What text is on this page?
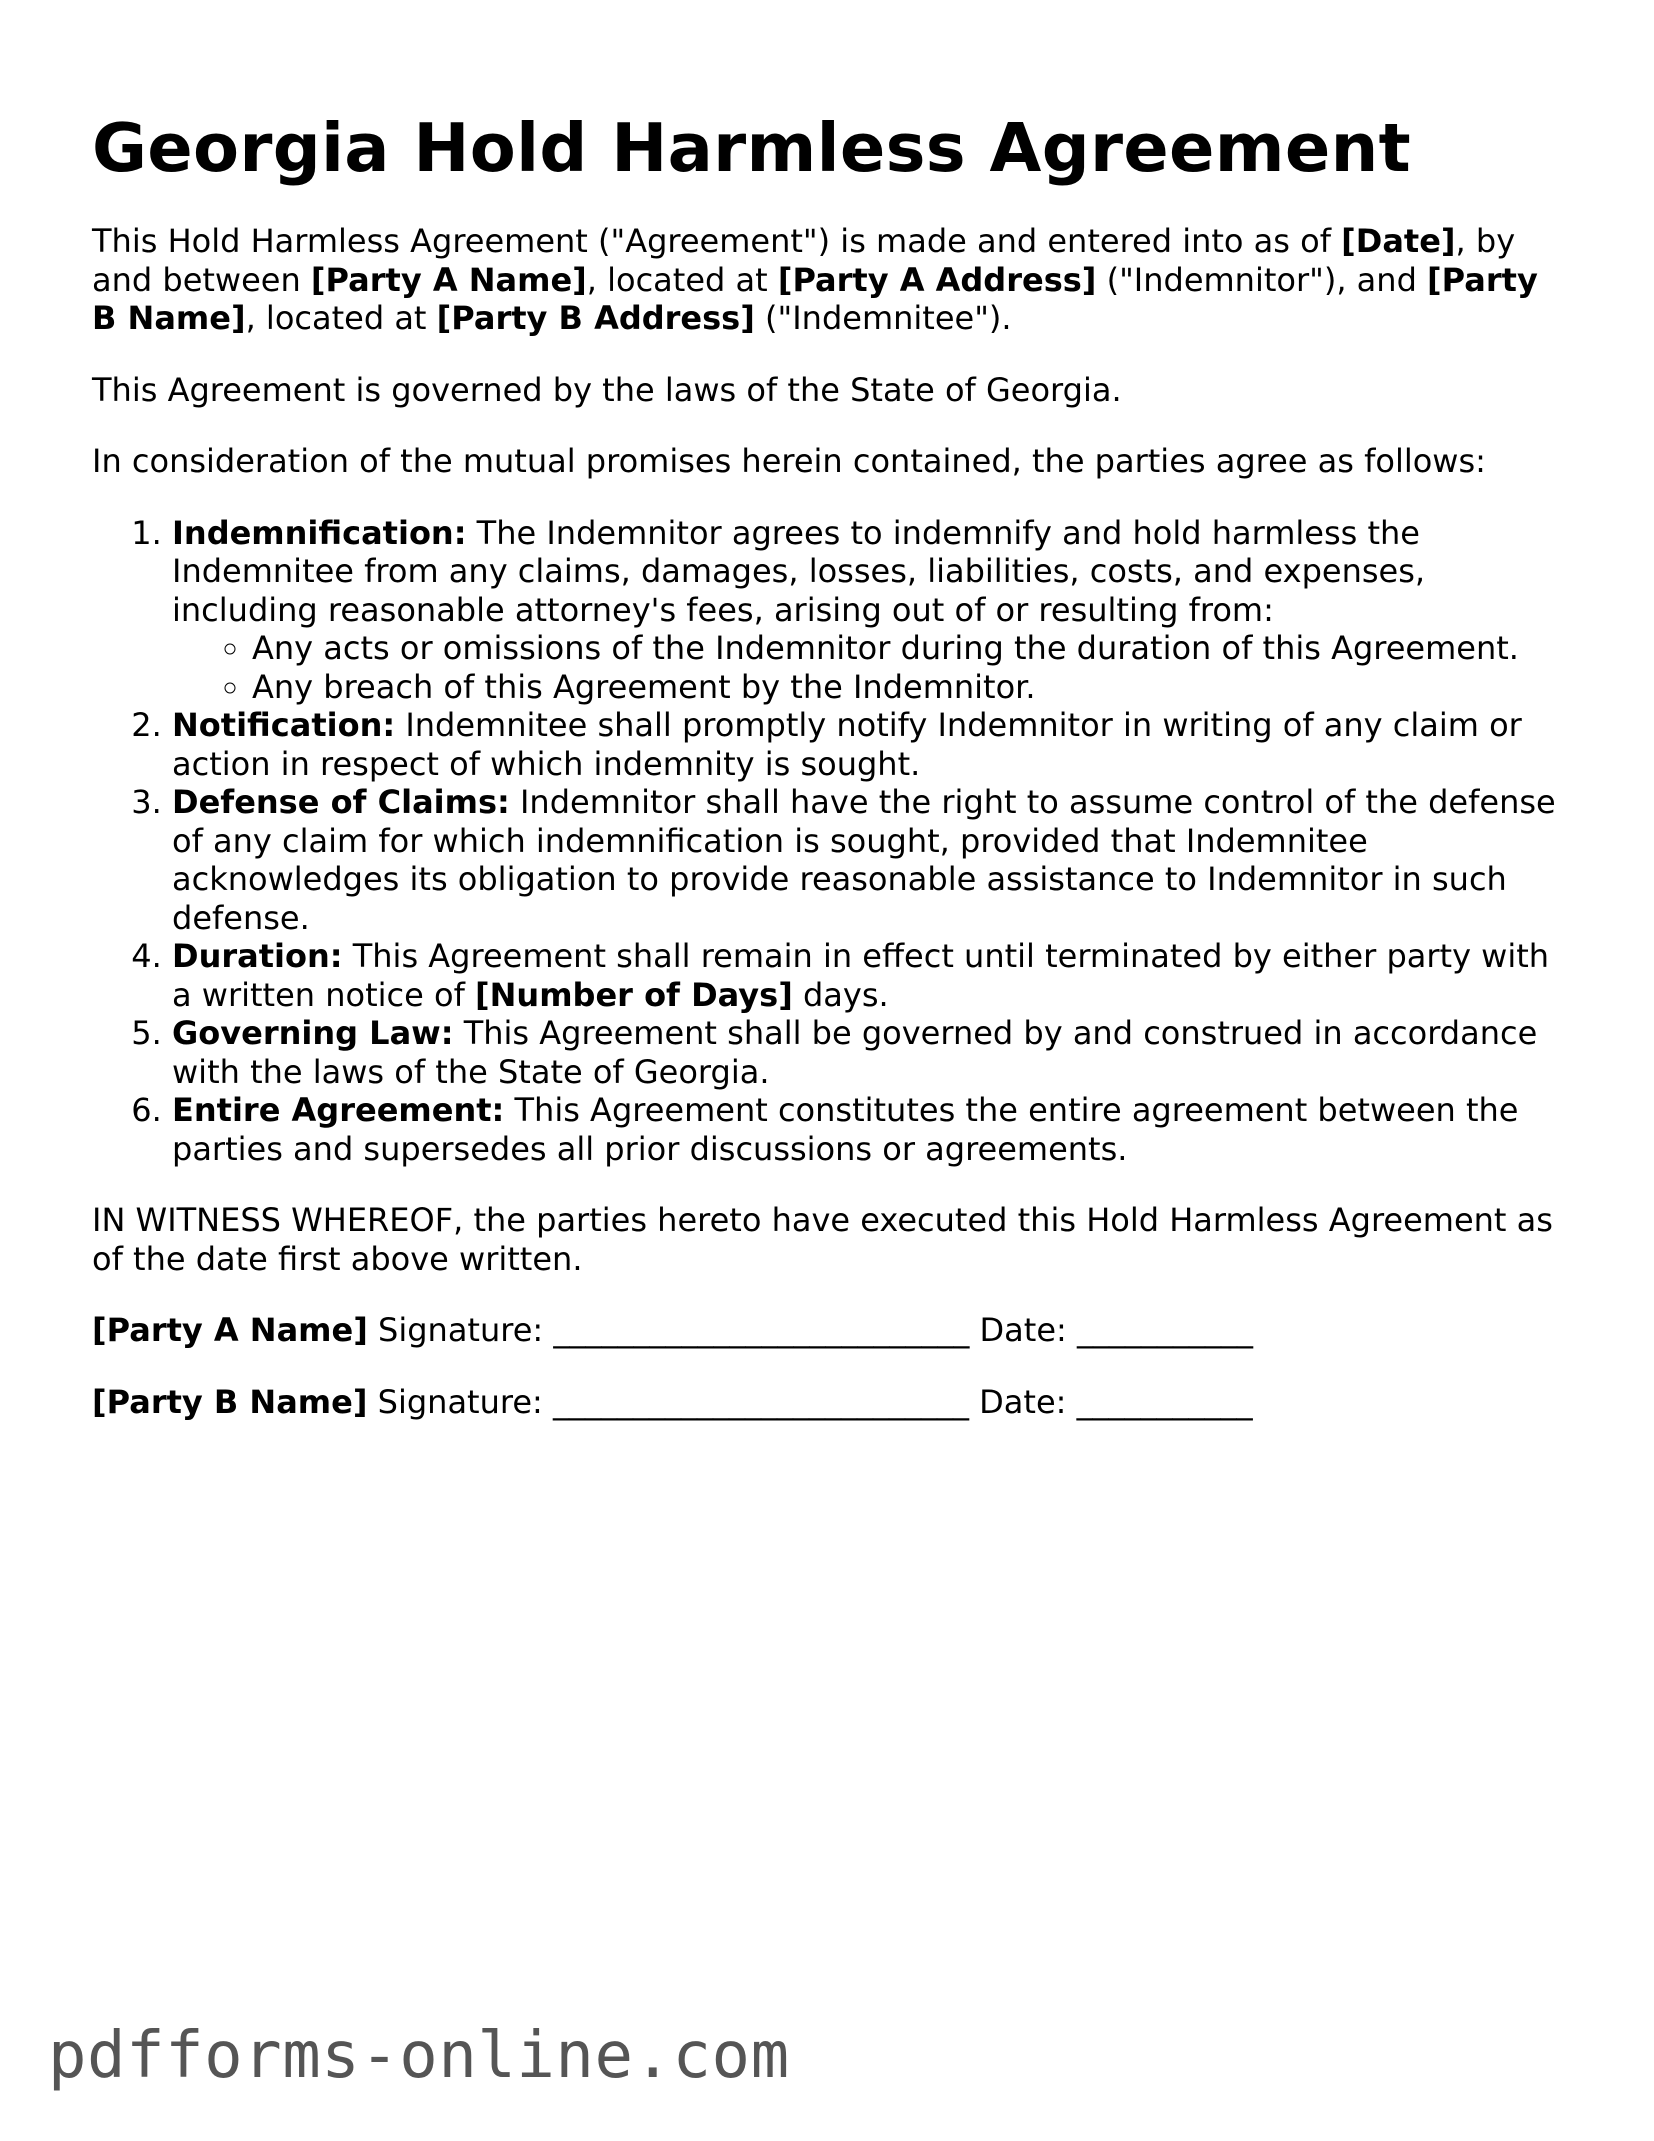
Georgia Hold Harmless Agreement

This Hold Harmless Agreement ("Agreement") is made and entered into as of [Date], by and between [Party A Name], located at [Party A Address] ("Indemnitor"), and [Party B Name], located at [Party B Address] ("Indemnitee").

This Agreement is governed by the laws of the State of Georgia.

In consideration of the mutual promises herein contained, the parties agree as follows:

1. Indemnification: The Indemnitor agrees to indemnify and hold harmless the Indemnitee from any claims, damages, losses, liabilities, costs, and expenses, including reasonable attorney's fees, arising out of or resulting from:
◦ Any acts or omissions of the Indemnitor during the duration of this Agreement.
◦ Any breach of this Agreement by the Indemnitor.
2. Notification: Indemnitee shall promptly notify Indemnitor in writing of any claim or action in respect of which indemnity is sought.
3. Defense of Claims: Indemnitor shall have the right to assume control of the defense of any claim for which indemnification is sought, provided that Indemnitee acknowledges its obligation to provide reasonable assistance to Indemnitor in such defense.
4. Duration: This Agreement shall remain in effect until terminated by either party with a written notice of [Number of Days] days.
5. Governing Law: This Agreement shall be governed by and construed in accordance with the laws of the State of Georgia.
6. Entire Agreement: This Agreement constitutes the entire agreement between the parties and supersedes all prior discussions or agreements.

IN WITNESS WHEREOF, the parties hereto have executed this Hold Harmless Agreement as of the date first above written.

[Party A Name] Signature: __________________________ Date: ___________

[Party B Name] Signature: __________________________ Date: ___________

pdfforms-online.com
